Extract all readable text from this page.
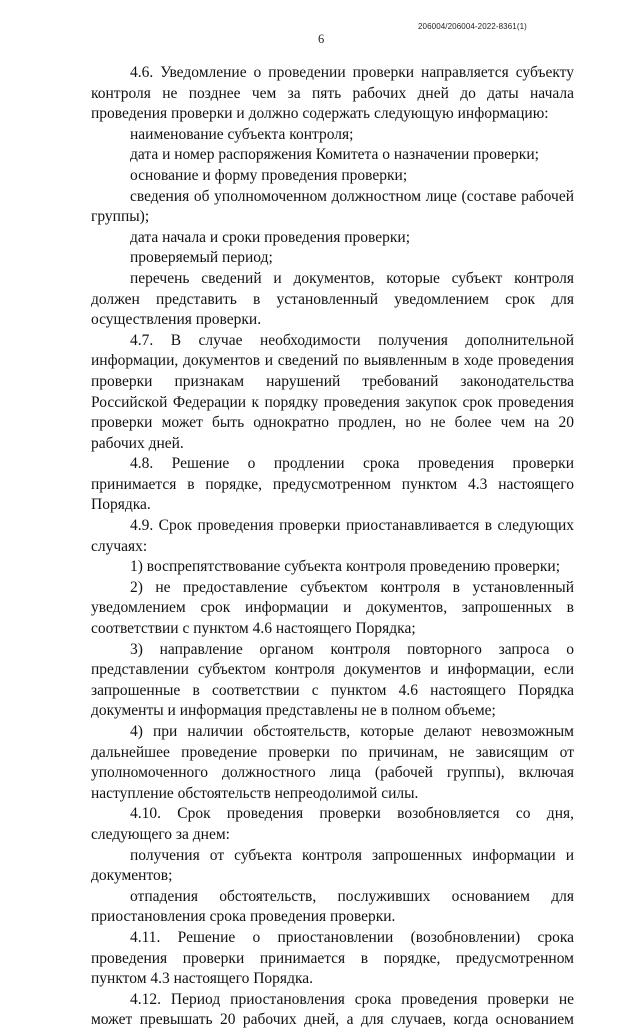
206004/206004-2022-8361(1)
6

4.6. Уведомление о проведении проверки направляется субъекту контроля не позднее чем за пять рабочих дней до даты начала проведения проверки и должно содержать следующую информацию:

наименование субъекта контроля;

дата и номер распоряжения Комитета о назначении проверки;

основание и форму проведения проверки;

сведения об уполномоченном должностном лице (составе рабочей группы);

дата начала и сроки проведения проверки;

проверяемый период;

перечень сведений и документов, которые субъект контроля должен представить в установленный уведомлением срок для осуществления проверки.

4.7. В случае необходимости получения дополнительной информации, документов и сведений по выявленным в ходе проведения проверки признакам нарушений требований законодательства Российской Федерации к порядку проведения закупок срок проведения проверки может быть однократно продлен, но не более чем на 20 рабочих дней.

4.8. Решение о продлении срока проведения проверки принимается в порядке, предусмотренном пунктом 4.3 настоящего Порядка.

4.9. Срок проведения проверки приостанавливается в следующих случаях:

1) воспрепятствование субъекта контроля проведению проверки;

2) не предоставление субъектом контроля в установленный уведомлением срок информации и документов, запрошенных в соответствии с пунктом 4.6 настоящего Порядка;

3) направление органом контроля повторного запроса о представлении субъектом контроля документов и информации, если запрошенные в соответствии с пунктом 4.6 настоящего Порядка документы и информация представлены не в полном объеме;

4) при наличии обстоятельств, которые делают невозможным дальнейшее проведение проверки по причинам, не зависящим от уполномоченного должностного лица (рабочей группы), включая наступление обстоятельств непреодолимой силы.

4.10. Срок проведения проверки возобновляется со дня, следующего за днем:

получения от субъекта контроля запрошенных информации и документов;

отпадения обстоятельств, послуживших основанием для приостановления срока проведения проверки.

4.11. Решение о приостановлении (возобновлении) срока проведения проверки принимается в порядке, предусмотренном пунктом 4.3 настоящего Порядка.

4.12. Период приостановления срока проведения проверки не может превышать 20 рабочих дней, а для случаев, когда основанием
